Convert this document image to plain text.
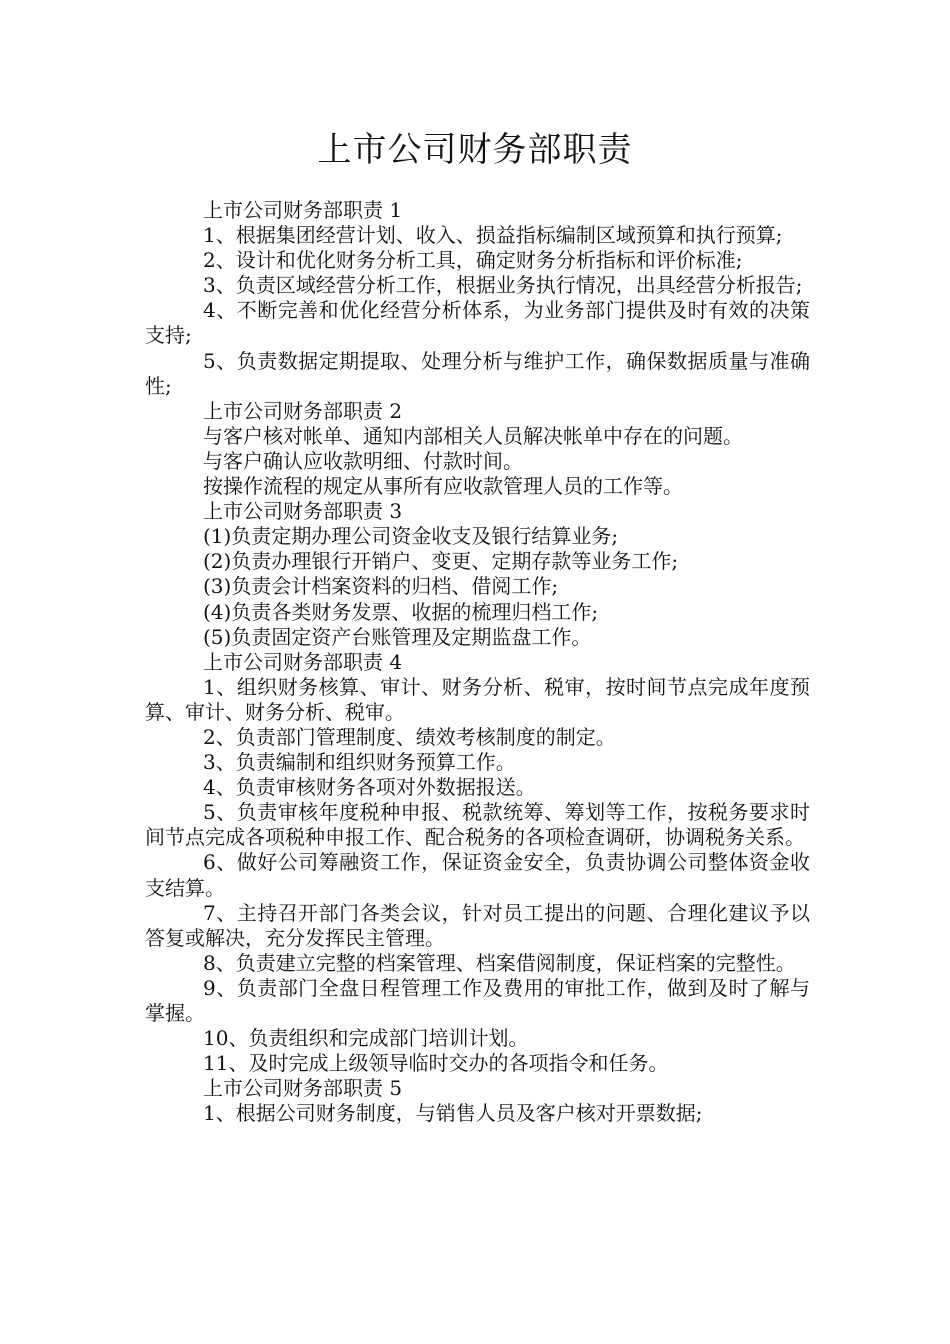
上市公司财务部职责

上市公司财务部职责 1

1、根据集团经营计划、收入、损益指标编制区域预算和执行预算;

2、设计和优化财务分析工具，确定财务分析指标和评价标准;

3、负责区域经营分析工作，根据业务执行情况，出具经营分析报告;

4、不断完善和优化经营分析体系，为业务部门提供及时有效的决策支持;

5、负责数据定期提取、处理分析与维护工作，确保数据质量与准确性;

上市公司财务部职责 2

与客户核对帐单、通知内部相关人员解决帐单中存在的问题。

与客户确认应收款明细、付款时间。

按操作流程的规定从事所有应收款管理人员的工作等。

上市公司财务部职责 3

(1)负责定期办理公司资金收支及银行结算业务;

(2)负责办理银行开销户、变更、定期存款等业务工作;

(3)负责会计档案资料的归档、借阅工作;

(4)负责各类财务发票、收据的梳理归档工作;

(5)负责固定资产台账管理及定期监盘工作。

上市公司财务部职责 4

1、组织财务核算、审计、财务分析、税审，按时间节点完成年度预算、审计、财务分析、税审。

2、负责部门管理制度、绩效考核制度的制定。

3、负责编制和组织财务预算工作。

4、负责审核财务各项对外数据报送。

5、负责审核年度税种申报、税款统筹、筹划等工作，按税务要求时间节点完成各项税种申报工作、配合税务的各项检查调研，协调税务关系。

6、做好公司筹融资工作，保证资金安全，负责协调公司整体资金收支结算。

7、主持召开部门各类会议，针对员工提出的问题、合理化建议予以答复或解决，充分发挥民主管理。

8、负责建立完整的档案管理、档案借阅制度，保证档案的完整性。

9、负责部门全盘日程管理工作及费用的审批工作，做到及时了解与掌握。

10、负责组织和完成部门培训计划。

11、及时完成上级领导临时交办的各项指令和任务。

上市公司财务部职责 5

1、根据公司财务制度，与销售人员及客户核对开票数据;
